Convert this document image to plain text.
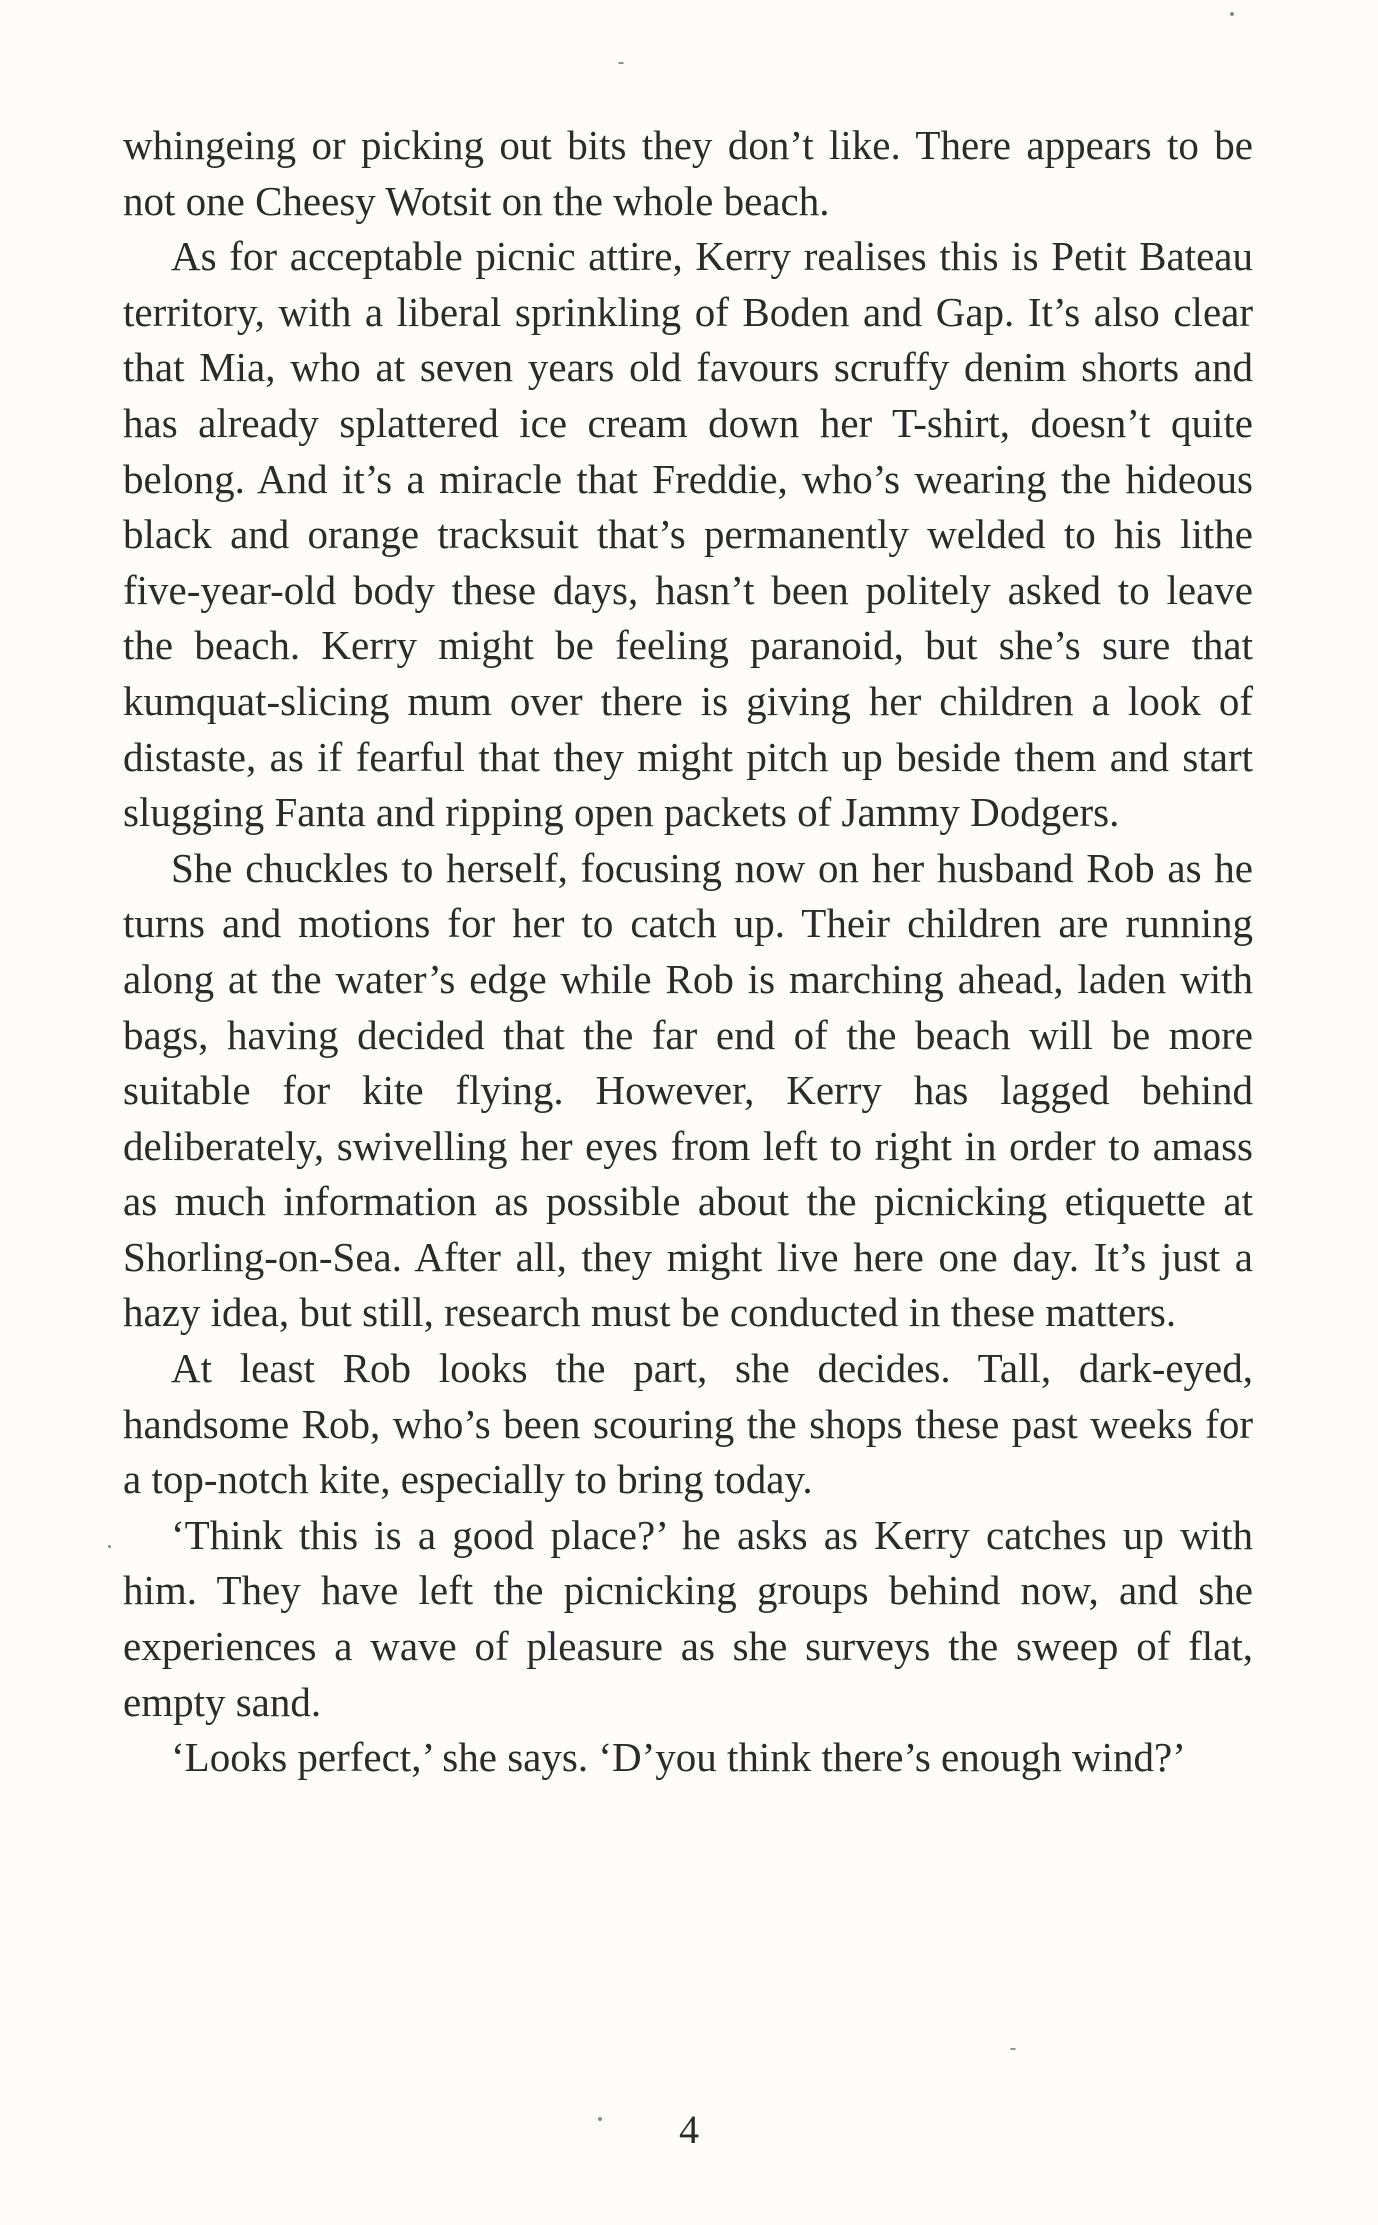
whingeing or picking out bits they don’t like. There appears to be not one Cheesy Wotsit on the whole beach.

As for acceptable picnic attire, Kerry realises this is Petit Bateau territory, with a liberal sprinkling of Boden and Gap. It’s also clear that Mia, who at seven years old favours scruffy denim shorts and has already splattered ice cream down her T-shirt, doesn’t quite belong. And it’s a miracle that Freddie, who’s wearing the hideous black and orange tracksuit that’s permanently welded to his lithe five-year-old body these days, hasn’t been politely asked to leave the beach. Kerry might be feeling paranoid, but she’s sure that kumquat-slicing mum over there is giving her children a look of distaste, as if fearful that they might pitch up beside them and start slugging Fanta and ripping open packets of Jammy Dodgers.

She chuckles to herself, focusing now on her husband Rob as he turns and motions for her to catch up. Their children are running along at the water’s edge while Rob is marching ahead, laden with bags, having decided that the far end of the beach will be more suitable for kite flying. However, Kerry has lagged behind deliberately, swivelling her eyes from left to right in order to amass as much information as possible about the picnicking etiquette at Shorling-on-Sea. After all, they might live here one day. It’s just a hazy idea, but still, research must be conducted in these matters.

At least Rob looks the part, she decides. Tall, dark-eyed, handsome Rob, who’s been scouring the shops these past weeks for a top-notch kite, especially to bring today.

‘Think this is a good place?’ he asks as Kerry catches up with him. They have left the picnicking groups behind now, and she experiences a wave of pleasure as she surveys the sweep of flat, empty sand.

‘Looks perfect,’ she says. ‘D’you think there’s enough wind?’

4
